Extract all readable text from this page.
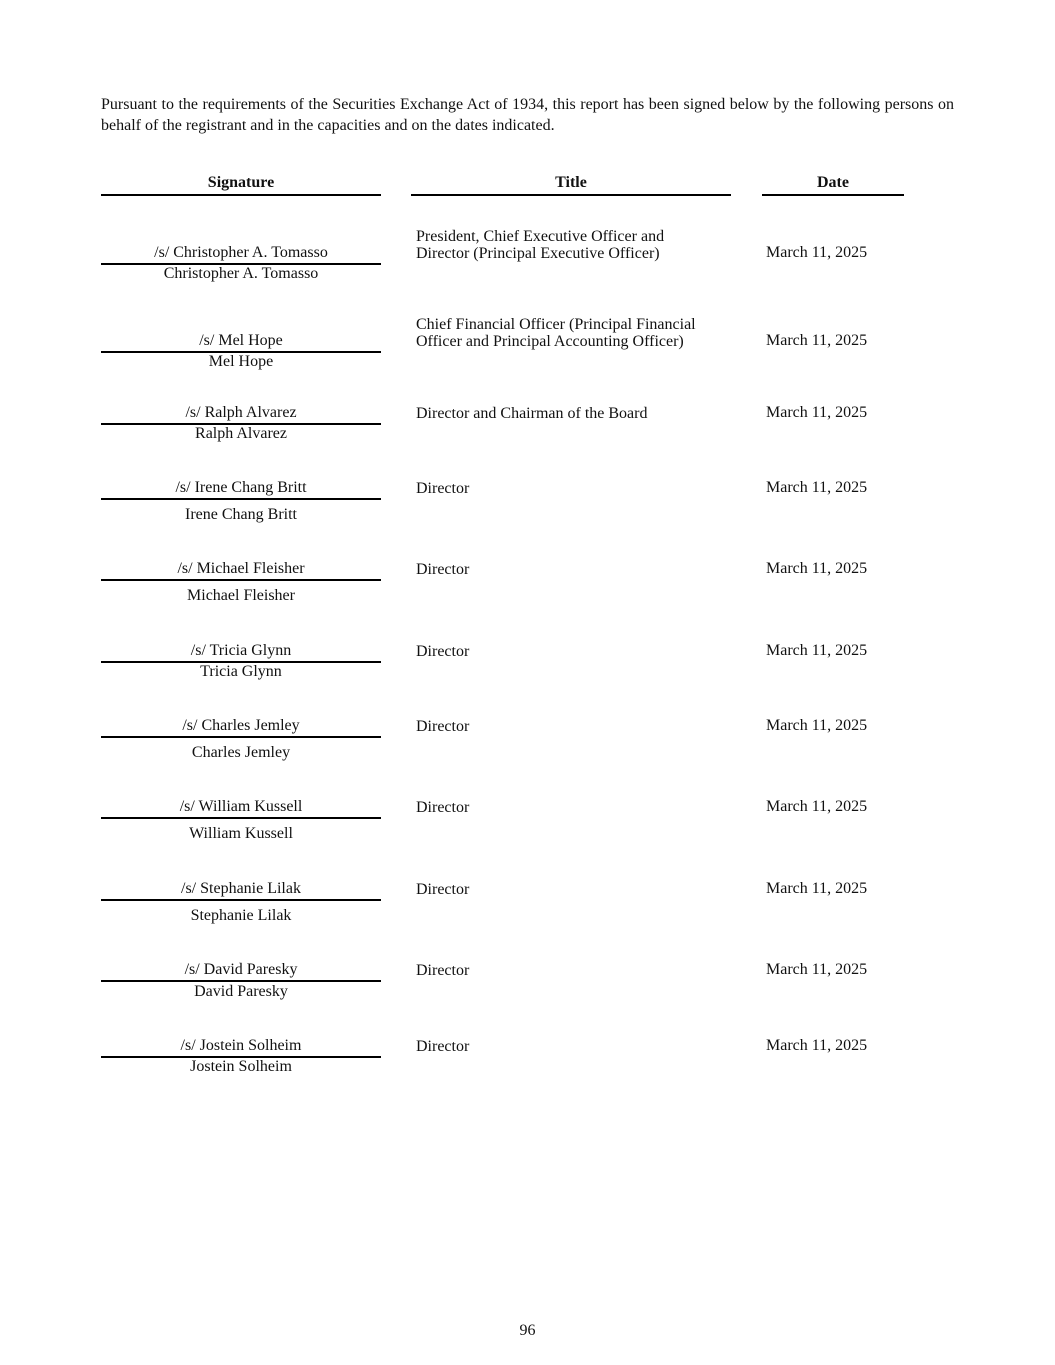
Pursuant to the requirements of the Securities Exchange Act of 1934, this report has been signed below by the following persons on behalf of the registrant and in the capacities and on the dates indicated.
Signature	Title	Date
/s/ Christopher A. Tomasso
Christopher A. Tomasso
President, Chief Executive Officer and
Director (Principal Executive Officer)	March 11, 2025
/s/ Mel Hope
Mel Hope
Chief Financial Officer (Principal Financial
Officer and Principal Accounting Officer)	March 11, 2025
/s/ Ralph Alvarez
Ralph Alvarez
Director and Chairman of the Board	March 11, 2025
/s/ Irene Chang Britt
Irene Chang Britt
Director	March 11, 2025
/s/ Michael Fleisher
Michael Fleisher
Director	March 11, 2025
/s/ Tricia Glynn
Tricia Glynn
Director	March 11, 2025
/s/ Charles Jemley
Charles Jemley
Director	March 11, 2025
/s/ William Kussell
William Kussell
Director	March 11, 2025
/s/ Stephanie Lilak
Stephanie Lilak
Director	March 11, 2025
/s/ David Paresky
David Paresky
Director	March 11, 2025
/s/ Jostein Solheim
Jostein Solheim
Director	March 11, 2025
96
